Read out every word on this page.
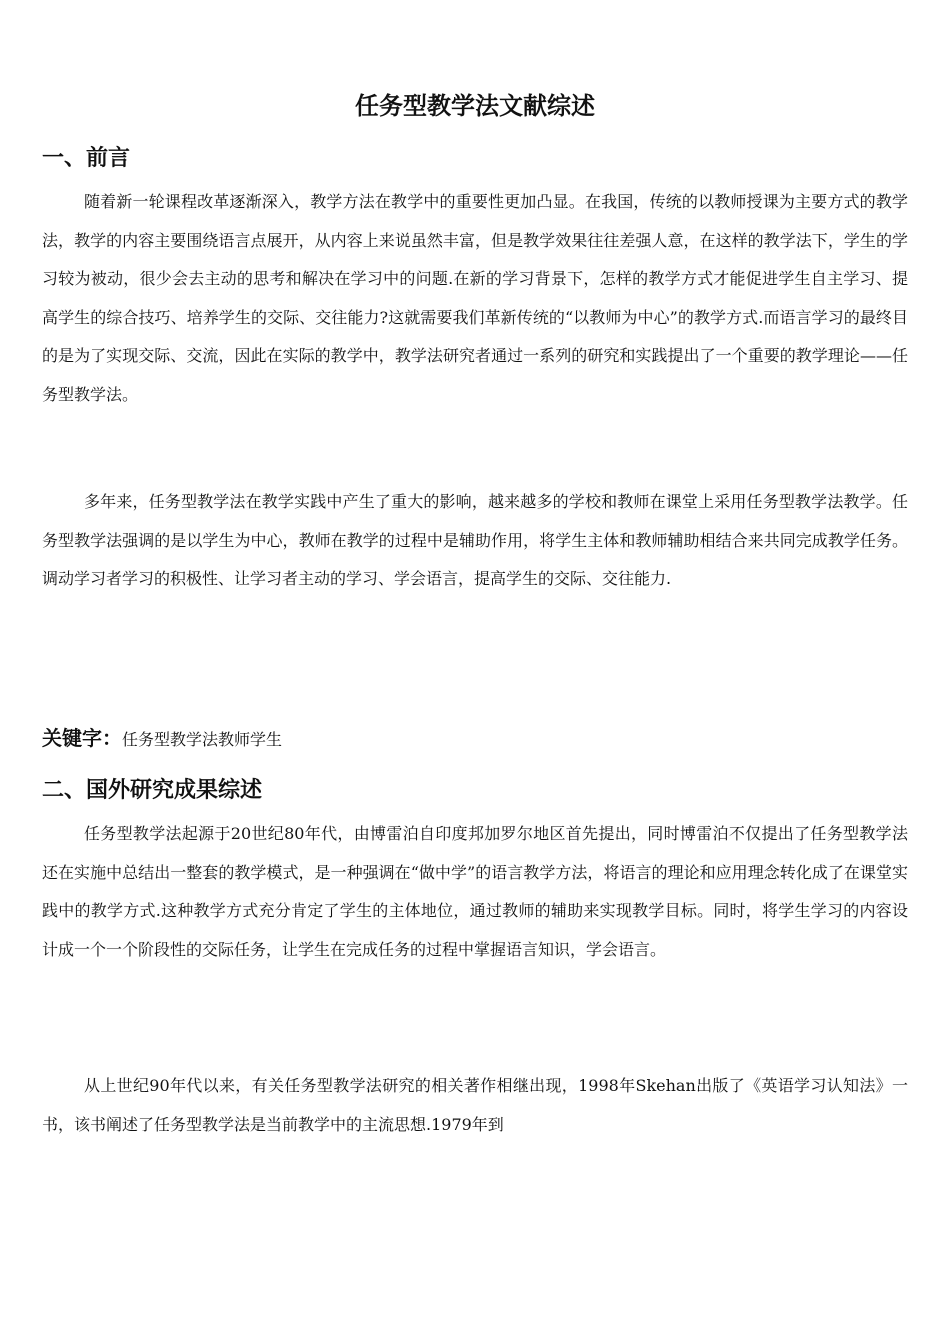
任务型教学法文献综述
一、前言

随着新一轮课程改革逐渐深入，教学方法在教学中的重要性更加凸显。在我国，传统的以教师授课为主要方式的教学法，教学的内容主要围绕语言点展开，从内容上来说虽然丰富，但是教学效果往往差强人意，在这样的教学法下，学生的学习较为被动，很少会去主动的思考和解决在学习中的问题.在新的学习背景下，怎样的教学方式才能促进学生自主学习、提高学生的综合技巧、培养学生的交际、交往能力?这就需要我们革新传统的“以教师为中心”的教学方式.而语言学习的最终目的是为了实现交际、交流，因此在实际的教学中，教学法研究者通过一系列的研究和实践提出了一个重要的教学理论——任务型教学法。

多年来，任务型教学法在教学实践中产生了重大的影响，越来越多的学校和教师在课堂上采用任务型教学法教学。任务型教学法强调的是以学生为中心，教师在教学的过程中是辅助作用，将学生主体和教师辅助相结合来共同完成教学任务。调动学习者学习的积极性、让学习者主动的学习、学会语言，提高学生的交际、交往能力.

关键字：任务型教学法教师学生

二、国外研究成果综述

任务型教学法起源于20世纪80年代，由博雷泊自印度邦加罗尔地区首先提出，同时博雷泊不仅提出了任务型教学法还在实施中总结出一整套的教学模式，是一种强调在“做中学”的语言教学方法，将语言的理论和应用理念转化成了在课堂实践中的教学方式.这种教学方式充分肯定了学生的主体地位，通过教师的辅助来实现教学目标。同时，将学生学习的内容设计成一个一个阶段性的交际任务，让学生在完成任务的过程中掌握语言知识，学会语言。

从上世纪90年代以来，有关任务型教学法研究的相关著作相继出现，1998年Skehan出版了《英语学习认知法》一书，该书阐述了任务型教学法是当前教学中的主流思想.1979年到
